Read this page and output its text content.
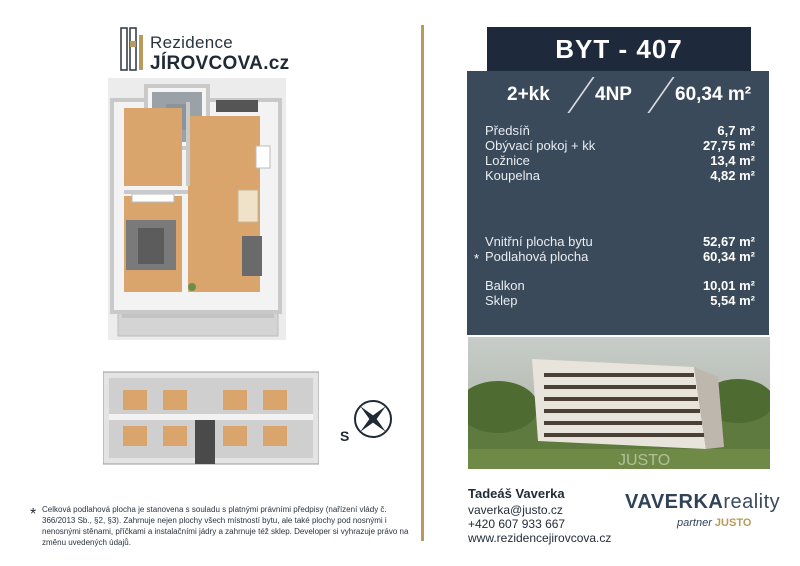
Rezidence
JÍROVCOVA.cz
S
BYT - 407
2+kk 4NP 60,34 m²
Předsíň	6,7 m²
Obývací pokoj + kk	27,75 m²
Ložnice	13,4 m²
Koupelna	4,82 m²
Vnitřní plocha bytu	52,67 m²
Podlahová plocha	60,34 m²
*
Balkon	10,01 m²
Sklep	5,54 m²
JUSTO
Tadeáš Vaverka
vaverka@justo.cz
+420 607 933 667
www.rezidencejirovcova.cz
VAVERKAreality
partner JUSTO
* Celková podlahová plocha je stanovena s souladu s platnými právními předpisy (nařízení vlády č. 366/2013 Sb., §2, §3). Zahrnuje nejen plochy všech místností bytu, ale také plochy pod nosnými i nenosnými stěnami, příčkami a instalačními jádry a zahrnuje též sklep. Developer si vyhrazuje právo na změnu uvedených údajů.
